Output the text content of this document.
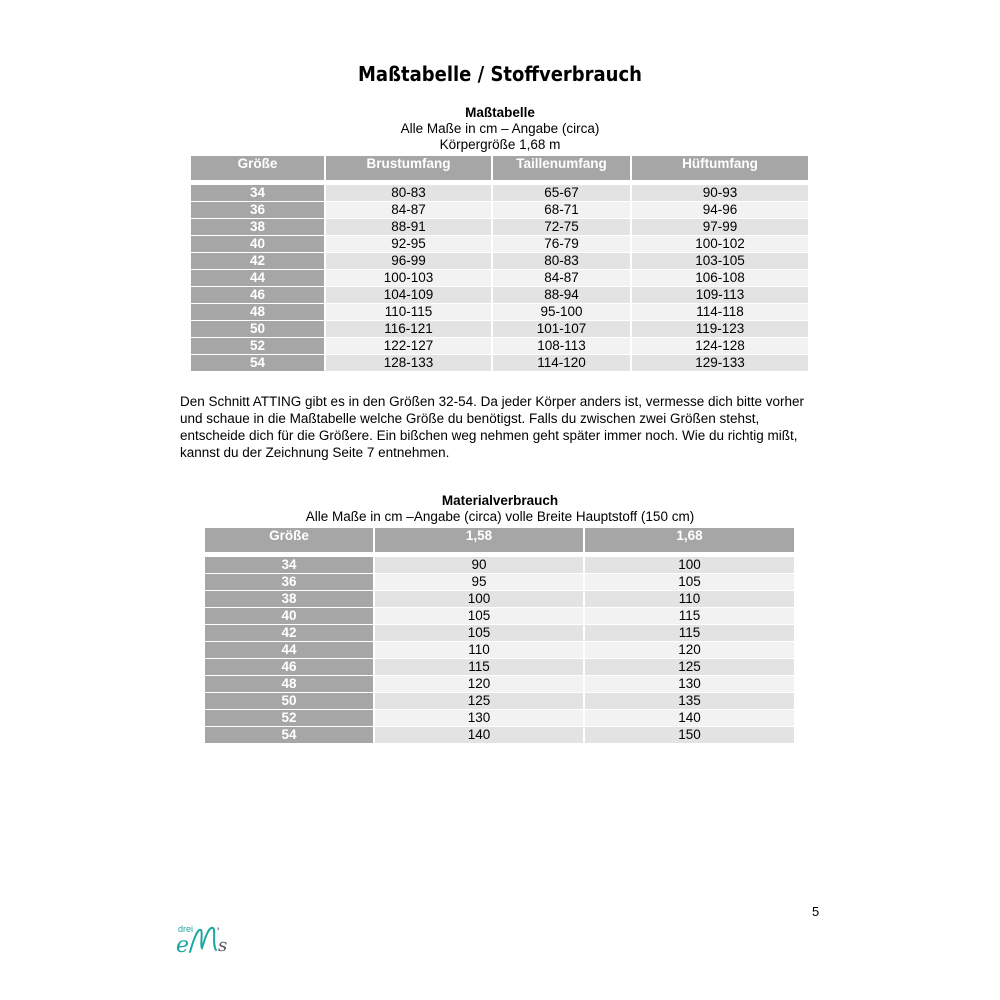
Maßtabelle / Stoffverbrauch
Maßtabelle
Alle Maße in cm – Angabe (circa)
Körpergröße 1,68 m
Größe	Brustumfang	Taillenumfang	Hüftumfang

34	80-83	65-67	90-93
36	84-87	68-71	94-96
38	88-91	72-75	97-99
40	92-95	76-79	100-102
42	96-99	80-83	103-105
44	100-103	84-87	106-108
46	104-109	88-94	109-113
48	110-115	95-100	114-118
50	116-121	101-107	119-123
52	122-127	108-113	124-128
54	128-133	114-120	129-133
Den Schnitt ATTING gibt es in den Größen 32-54. Da jeder Körper anders ist, vermesse dich bitte vorher und schaue in die Maßtabelle welche Größe du benötigst. Falls du zwischen zwei Größen stehst, entscheide dich für die Größere. Ein bißchen weg nehmen geht später immer noch. Wie du richtig mißt, kannst du der Zeichnung Seite 7 entnehmen.
Materialverbrauch
Alle Maße in cm –Angabe (circa) volle Breite Hauptstoff (150 cm)
Größe	1,58	1,68

34	90	100
36	95	105
38	100	110
40	105	115
42	105	115
44	110	120
46	115	125
48	120	130
50	125	135
52	130	140
54	140	150
5
drei
e s
'
